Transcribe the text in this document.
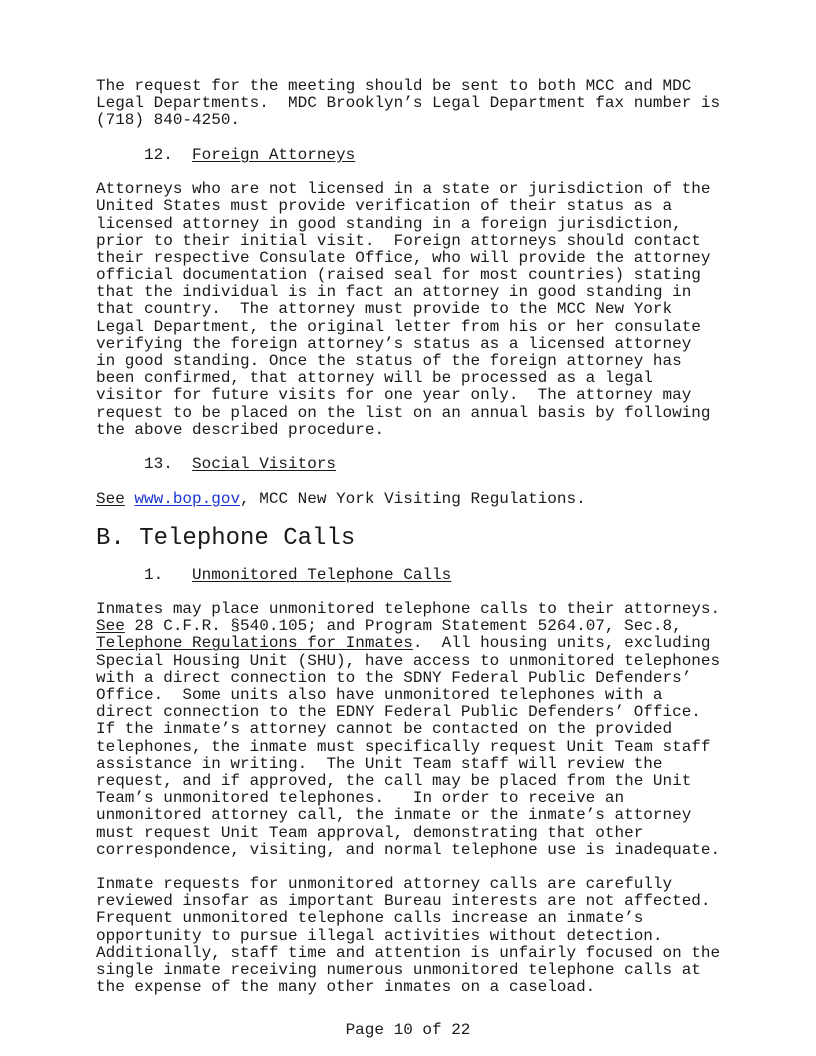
The request for the meeting should be sent to both MCC and MDC
Legal Departments.  MDC Brooklyn’s Legal Department fax number is
(718) 840-4250.
12. Foreign Attorneys
Attorneys who are not licensed in a state or jurisdiction of the
United States must provide verification of their status as a
licensed attorney in good standing in a foreign jurisdiction,
prior to their initial visit.  Foreign attorneys should contact
their respective Consulate Office, who will provide the attorney
official documentation (raised seal for most countries) stating
that the individual is in fact an attorney in good standing in
that country.  The attorney must provide to the MCC New York
Legal Department, the original letter from his or her consulate
verifying the foreign attorney’s status as a licensed attorney
in good standing. Once the status of the foreign attorney has
been confirmed, that attorney will be processed as a legal
visitor for future visits for one year only.  The attorney may
request to be placed on the list on an annual basis by following
the above described procedure.
13. Social Visitors
See www.bop.gov, MCC New York Visiting Regulations.
B. Telephone Calls
1. Unmonitored Telephone Calls
Inmates may place unmonitored telephone calls to their attorneys.
See 28 C.F.R. §540.105; and Program Statement 5264.07, Sec.8,
Telephone Regulations for Inmates.  All housing units, excluding
Special Housing Unit (SHU), have access to unmonitored telephones
with a direct connection to the SDNY Federal Public Defenders’
Office.  Some units also have unmonitored telephones with a
direct connection to the EDNY Federal Public Defenders’ Office.
If the inmate’s attorney cannot be contacted on the provided
telephones, the inmate must specifically request Unit Team staff
assistance in writing.  The Unit Team staff will review the
request, and if approved, the call may be placed from the Unit
Team’s unmonitored telephones.   In order to receive an
unmonitored attorney call, the inmate or the inmate’s attorney
must request Unit Team approval, demonstrating that other
correspondence, visiting, and normal telephone use is inadequate.
Inmate requests for unmonitored attorney calls are carefully
reviewed insofar as important Bureau interests are not affected.
Frequent unmonitored telephone calls increase an inmate’s
opportunity to pursue illegal activities without detection.
Additionally, staff time and attention is unfairly focused on the
single inmate receiving numerous unmonitored telephone calls at
the expense of the many other inmates on a caseload.
Page 10 of 22
